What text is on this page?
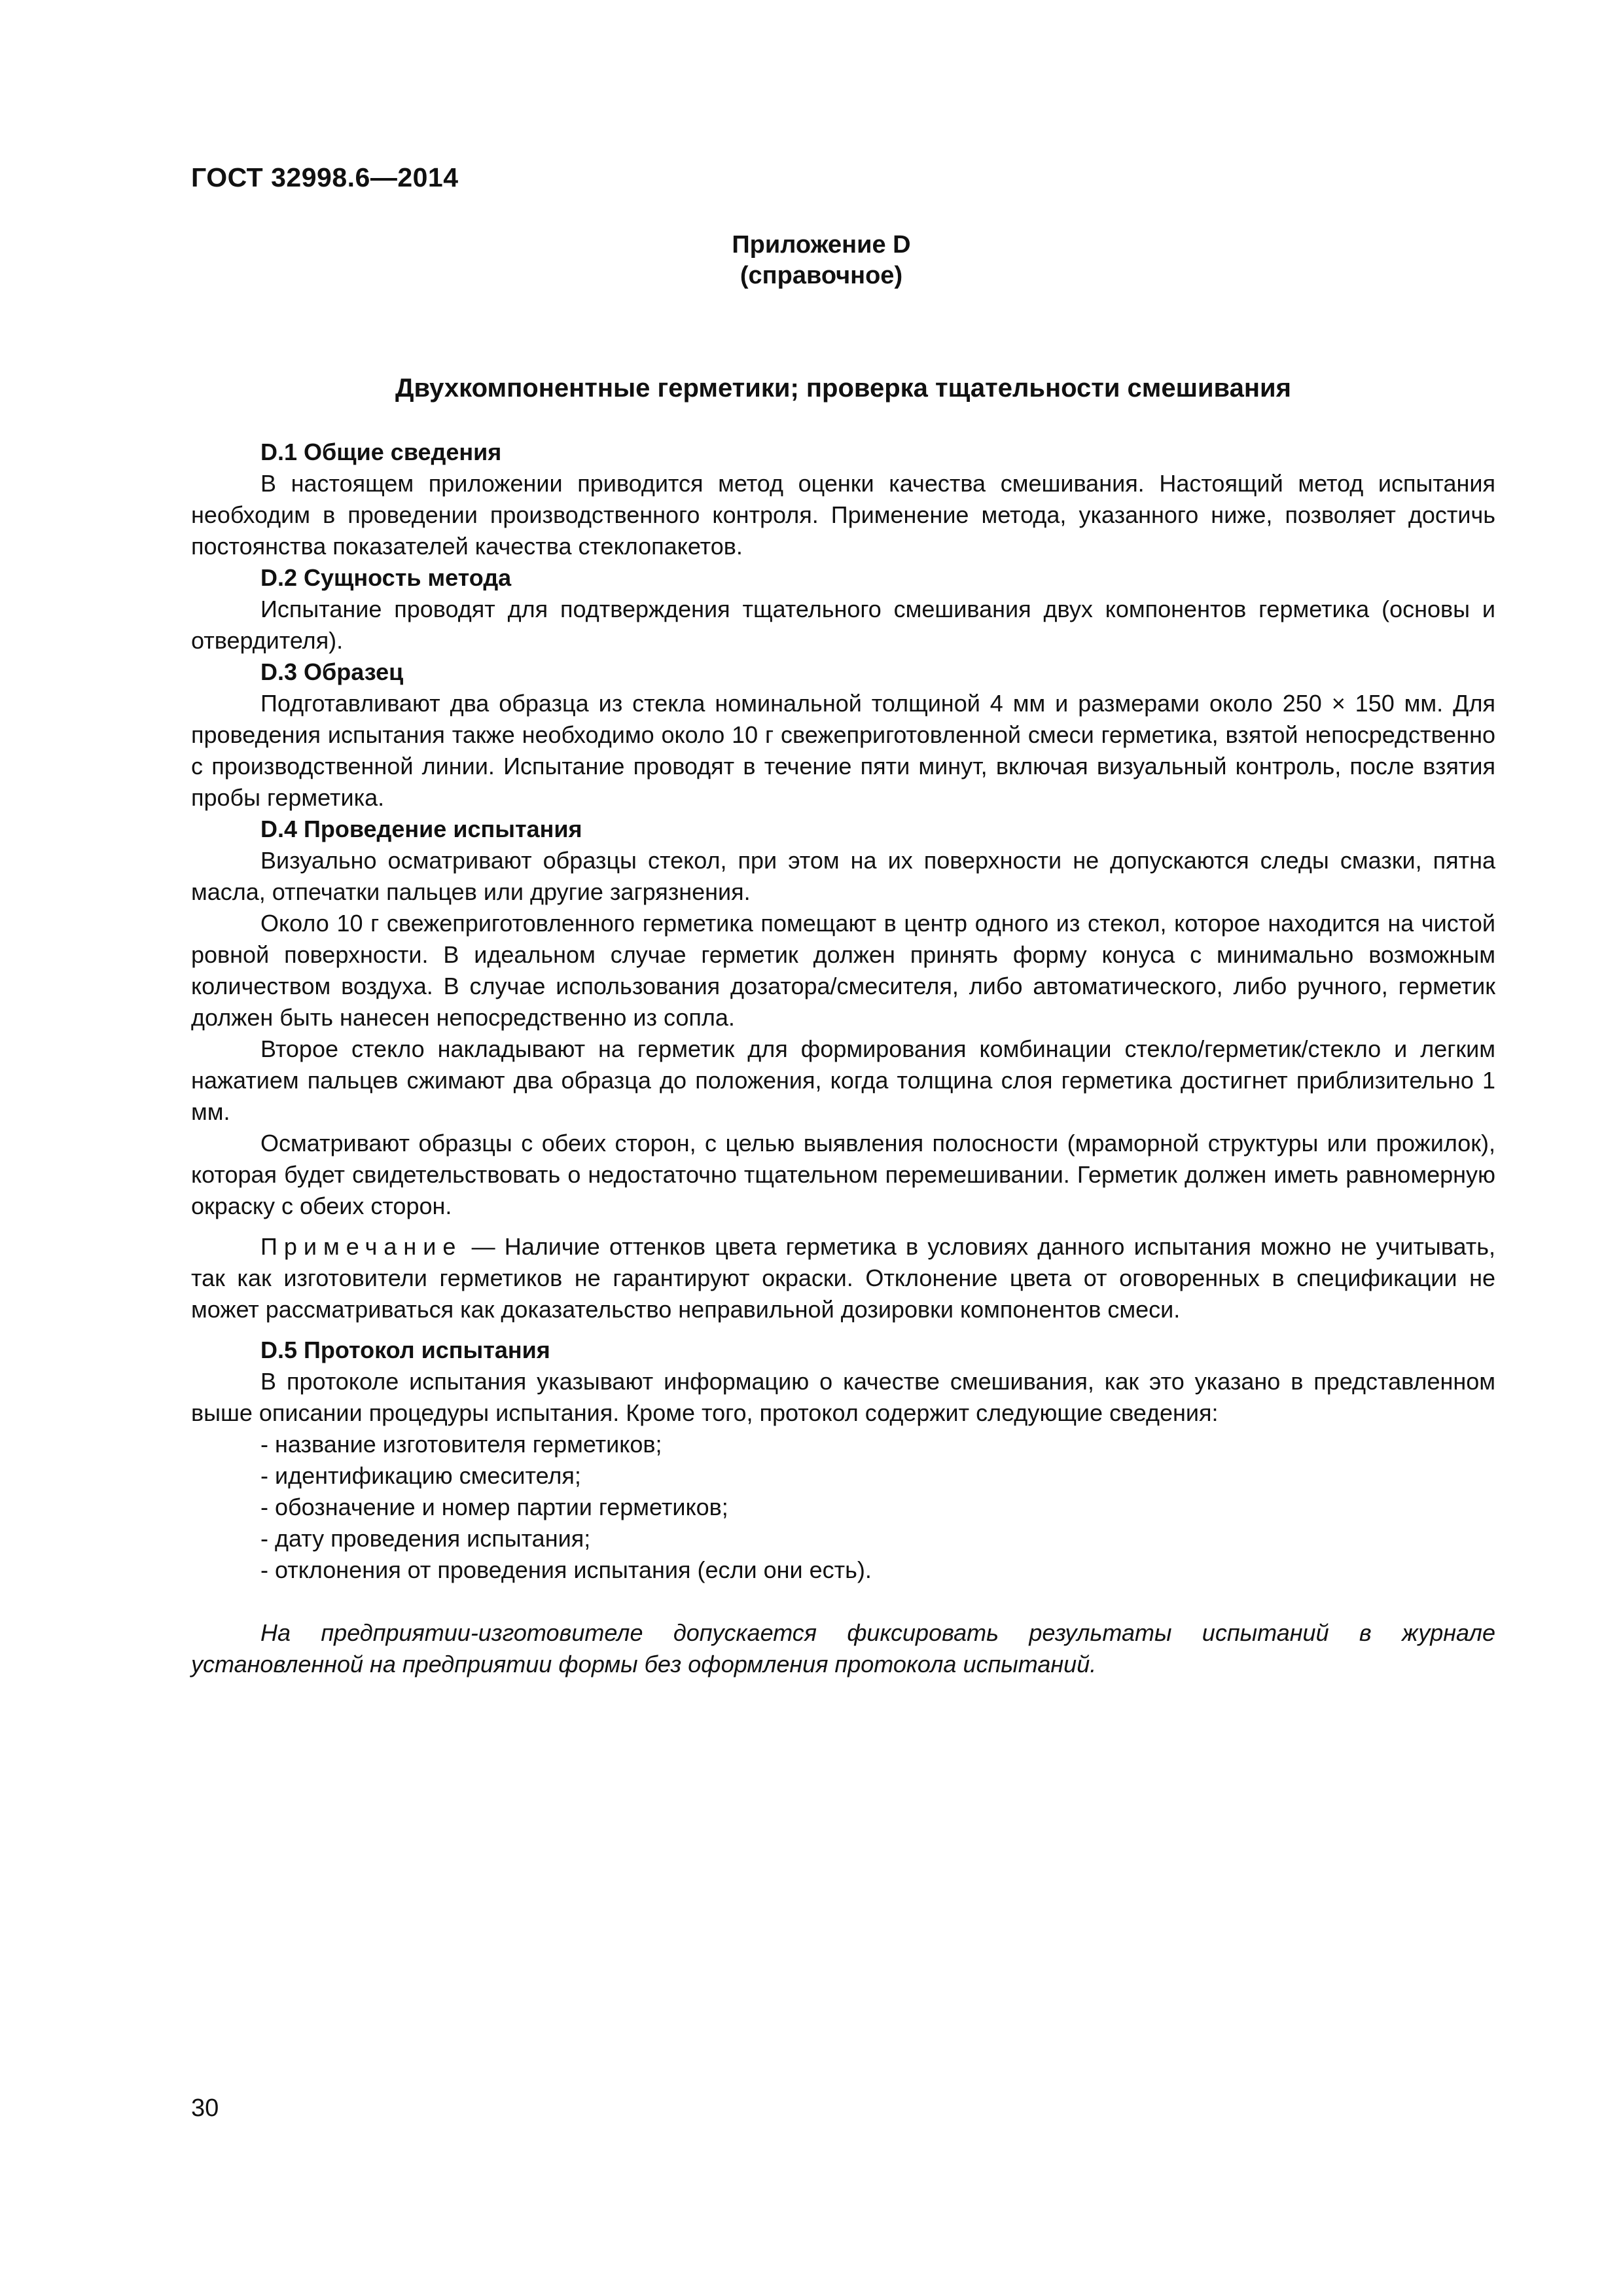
ГОСТ 32998.6—2014
Приложение D
(справочное)
Двухкомпонентные герметики; проверка тщательности смешивания
D.1 Общие сведения

В настоящем приложении приводится метод оценки качества смешивания. Настоящий метод испытания необходим в проведении производственного контроля. Применение метода, указанного ниже, позволяет достичь постоянства показателей качества стеклопакетов.

D.2 Сущность метода

Испытание проводят для подтверждения тщательного смешивания двух компонентов герметика (основы и отвердителя).

D.3 Образец

Подготавливают два образца из стекла номинальной толщиной 4 мм и размерами около 250 × 150 мм. Для проведения испытания также необходимо около 10 г свежеприготовленной смеси герметика, взятой непосредственно с производственной линии. Испытание проводят в течение пяти минут, включая визуальный контроль, после взятия пробы герметика.

D.4 Проведение испытания

Визуально осматривают образцы стекол, при этом на их поверхности не допускаются следы смазки, пятна масла, отпечатки пальцев или другие загрязнения.

Около 10 г свежеприготовленного герметика помещают в центр одного из стекол, которое находится на чистой ровной поверхности. В идеальном случае герметик должен принять форму конуса с минимально возможным количеством воздуха. В случае использования дозатора/смесителя, либо автоматического, либо ручного, герметик должен быть нанесен непосредственно из сопла.

Второе стекло накладывают на герметик для формирования комбинации стекло/герметик/стекло и легким нажатием пальцев сжимают два образца до положения, когда толщина слоя герметика достигнет приблизительно 1 мм.

Осматривают образцы с обеих сторон, с целью выявления полосности (мраморной структуры или прожилок), которая будет свидетельствовать о недостаточно тщательном перемешивании. Герметик должен иметь равномерную окраску с обеих сторон.

Примечание — Наличие оттенков цвета герметика в условиях данного испытания можно не учитывать, так как изготовители герметиков не гарантируют окраски. Отклонение цвета от оговоренных в спецификации не может рассматриваться как доказательство неправильной дозировки компонентов смеси.

D.5 Протокол испытания

В протоколе испытания указывают информацию о качестве смешивания, как это указано в представленном выше описании процедуры испытания. Кроме того, протокол содержит следующие сведения:

- название изготовителя герметиков;
- идентификацию смесителя;
- обозначение и номер партии герметиков;
- дату проведения испытания;
- отклонения от проведения испытания (если они есть).

На предприятии-изготовителе допускается фиксировать результаты испытаний в журнале установленной на предприятии формы без оформления протокола испытаний.

30
